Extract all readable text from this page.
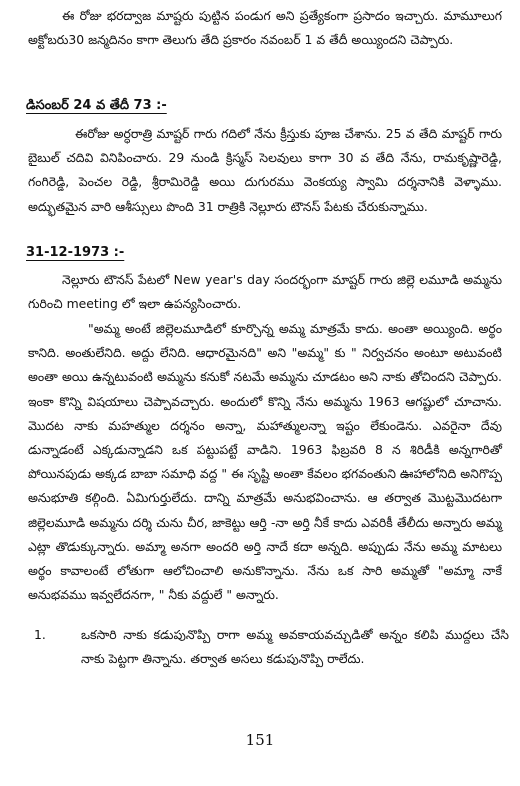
ఈ రోజు భరద్వాజ మాష్టరు పుట్టిన పండుగ అని ప్రత్యేకంగా ప్రసాదం ఇచ్చారు. మామూలుగ అక్టోబరు30 జన్మదినం కాగా తెలుగు తేది ప్రకారం నవంబర్ 1 వ తేదీ అయ్యిందని చెప్పారు.

డిసంబర్ 24 వ తేదీ 73 :-

ఈరోజు అర్ధరాత్రి మాష్టర్ గారు గదిలో నేను క్రీస్తుకు పూజ చేశాను. 25 వ తేది మాష్టర్ గారు బైబుల్ చదివి వినిపించారు. 29 నుండి క్రిస్మస్ సెలవులు కాగా 30 వ తేది నేను, రామకృష్ణారెడ్డి, గంగిరెడ్డి, పెంచల రెడ్డి, శ్రీరామిరెడ్డి అయి దుగురము వెంకయ్య స్వామి దర్శనానికి వెళ్ళాము. అద్భుతమైన వారి ఆశీస్సులు పొంది 31 రాత్రికి నెల్లూరు టౌనస్ పేటకు చేరుకున్నాము.

31-12-1973 :-

నెల్లూరు టౌనస్ పేటలో New year's day సందర్భంగా మాష్టర్ గారు జిల్లె లమూడి అమ్మను గురించి meeting లో ఇలా ఉపన్యసించారు.

"అమ్మ అంటే జిల్లెలమూడిలో కూర్చొన్న అమ్మ మాత్రమే కాదు. అంతా అయ్యింది. అర్థం కానిది. అంతులేనిది. అద్దు లేనిది. ఆధారమైనది" అని "అమ్మ" కు " నిర్వచనం అంటూ అటువంటి అంతా అయి ఉన్నటువంటి అమ్మను కనుకో నటమే అమ్మను చూడటం అని నాకు తోచిందని చెప్పారు. ఇంకా కొన్ని విషయాలు చెప్పావచ్చారు. అందులో కొన్ని నేను అమ్మను 1963 ఆగష్టులో చూచాను. మొదట నాకు మహత్ముల దర్శనం అన్నా, మహాత్ములన్నా ఇష్టం లేకుండెను. ఎవరైనా దేవు డున్నాడంటే ఎక్కడున్నాడని ఒక పట్టుపట్టే వాడిని. 1963 ఫిబ్రవరి 8 న శిరిడీకి అన్నగారితో పోయినపుడు అక్కడ బాబా సమాధి వద్ద " ఈ సృష్టి అంతా కేవలం భగవంతుని ఊహాలోనిది అనిగొప్ప అనుభూతి కల్గింది. ఏమిగుర్తులేదు. దాన్ని మాత్రమే అనుభవించాను. ఆ తర్వాత మొట్టమొదటగా జిల్లెలమూడి అమ్మను దర్శి చును చీర, జాకెట్టు ఆర్తి -నా అర్తి నీకే కాదు ఎవరికీ తేలీదు అన్నారు అమ్మ ఎట్లా తొడుక్కున్నారు. అమ్మా అనగా అందరి అర్తి నాదే కదా అన్నది. అప్పుడు నేను అమ్మ మాటలు అర్థం కావాలంటే లోతుగా ఆలోచించాలి అనుకొన్నాను. నేను ఒక సారి అమ్మతో "అమ్మా నాకే అనుభవము ఇవ్వలేదనగా, " నీకు వద్దులే " అన్నారు.

1.	ఒకసారి నాకు కడుపునొప్పి రాగా అమ్మ అవకాయవచ్చుడితో అన్నం కలిపి ముద్దలు చేసి నాకు పెట్టగా తిన్నాను. తర్వాత అసలు కడుపునొప్పి రాలేదు.
151
